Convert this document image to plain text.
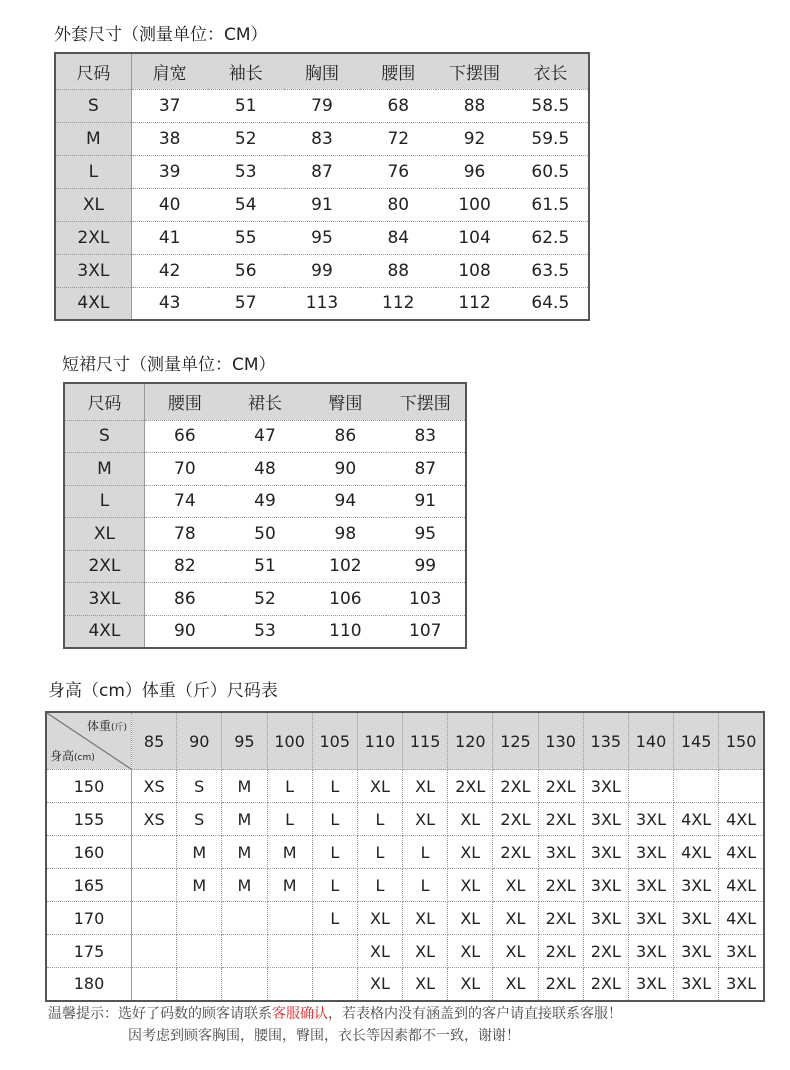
外套尺寸（测量单位：CM）
尺码	肩宽	袖长	胸围	腰围	下摆围	衣长
S	37	51	79	68	88	58.5
M	38	52	83	72	92	59.5
L	39	53	87	76	96	60.5
XL	40	54	91	80	100	61.5
2XL	41	55	95	84	104	62.5
3XL	42	56	99	88	108	63.5
4XL	43	57	113	112	112	64.5
短裙尺寸（测量单位：CM）
尺码	腰围	裙长	臀围	下摆围
S	66	47	86	83
M	70	48	90	87
L	74	49	94	91
XL	78	50	98	95
2XL	82	51	102	99
3XL	86	52	106	103
4XL	90	53	110	107
身高（cm）体重（斤）尺码表
体重(斤)
身高(cm)	85	90	95	100	105	110	115	120	125	130	135	140	145	150
150	XS	S	M	L	L	XL	XL	2XL	2XL	2XL	3XL			
155	XS	S	M	L	L	L	XL	XL	2XL	2XL	3XL	3XL	4XL	4XL
160		M	M	M	L	L	L	XL	2XL	3XL	3XL	3XL	4XL	4XL
165		M	M	M	L	L	L	XL	XL	2XL	3XL	3XL	3XL	4XL
170					L	XL	XL	XL	XL	2XL	3XL	3XL	3XL	4XL
175						XL	XL	XL	XL	2XL	2XL	3XL	3XL	3XL
180						XL	XL	XL	XL	2XL	2XL	3XL	3XL	3XL
温馨提示：选好了码数的顾客请联系客服确认，若表格内没有涵盖到的客户请直接联系客服！
因考虑到顾客胸围，腰围，臀围，衣长等因素都不一致，谢谢！
